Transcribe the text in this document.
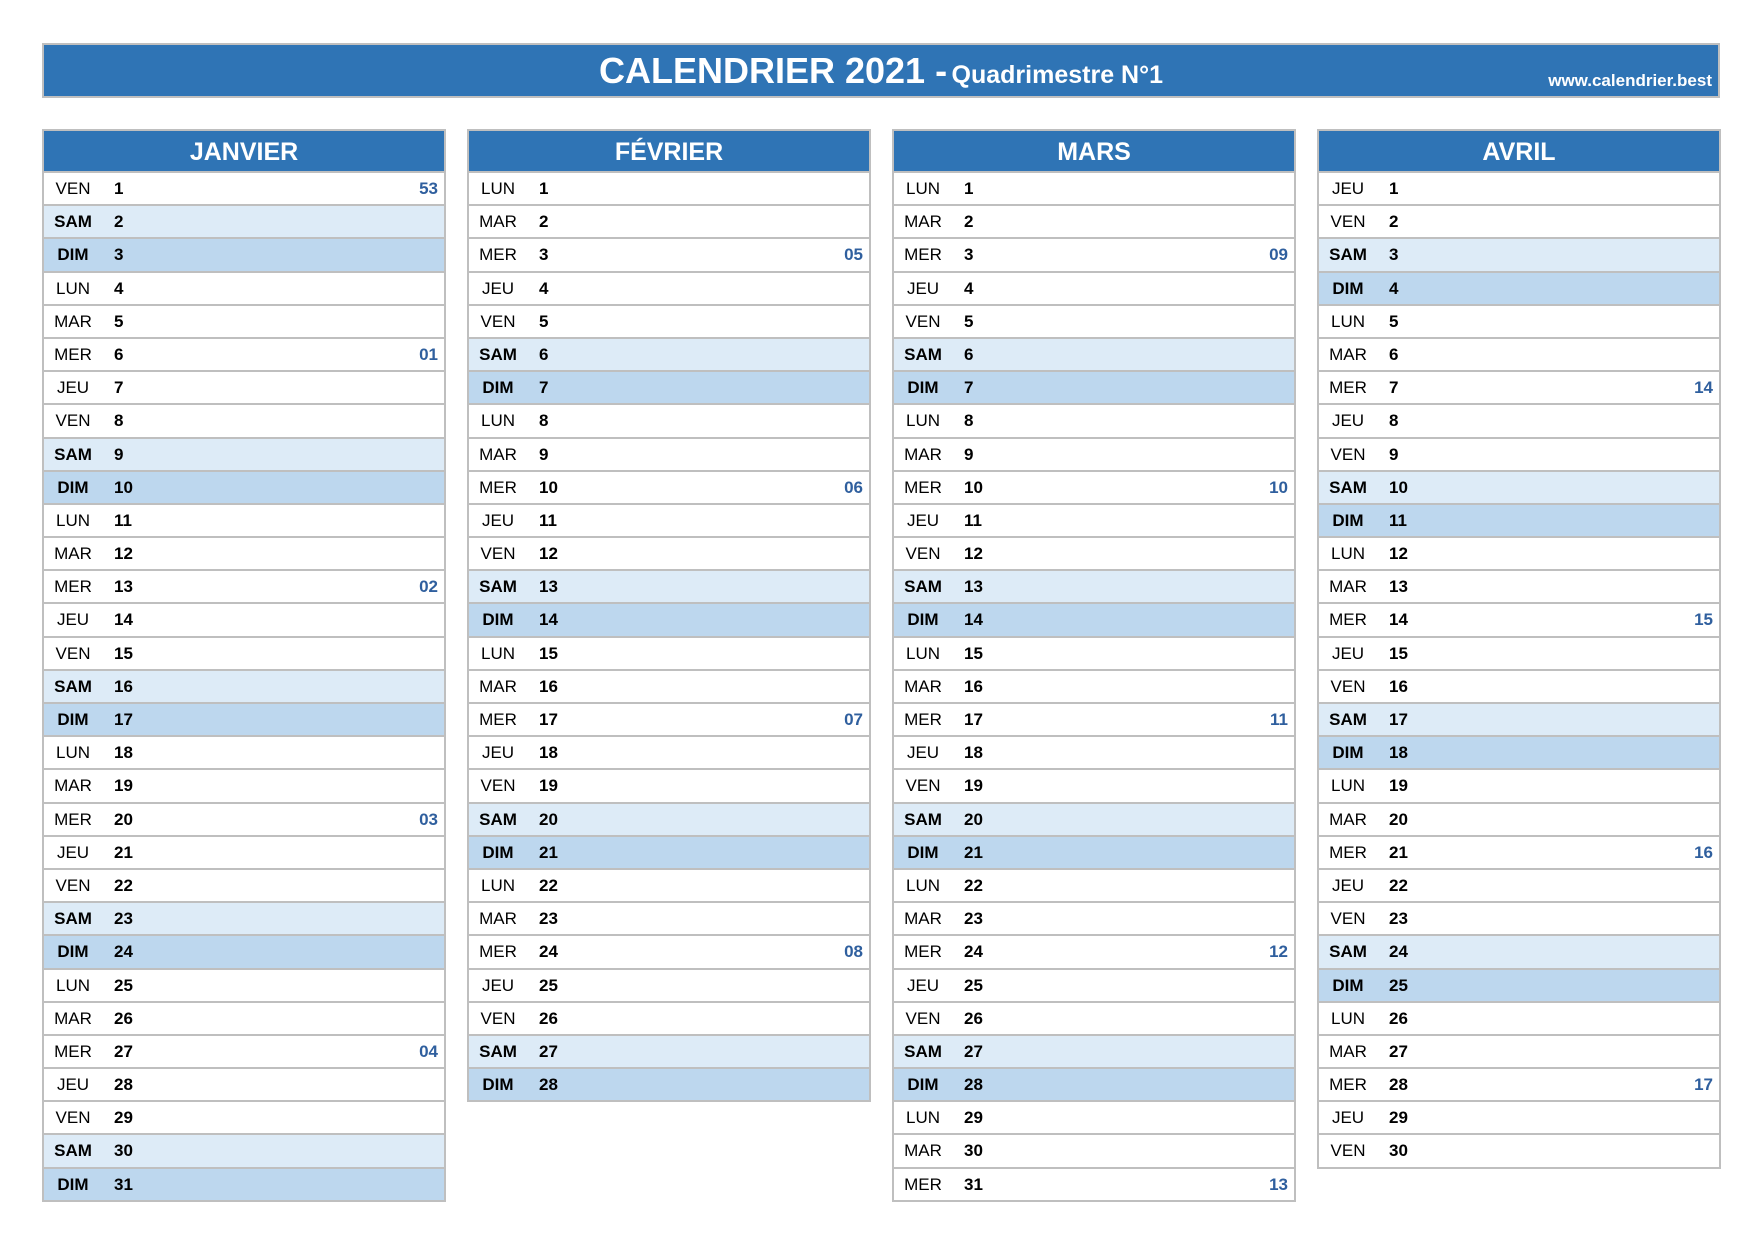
CALENDRIER 2021 - Quadrimestre N°1	www.calendrier.best
JANVIER
VEN	1	53
SAM	2
DIM	3
LUN	4
MAR	5
MER	6	01
JEU	7
VEN	8
SAM	9
DIM	10
LUN	11
MAR	12
MER	13	02
JEU	14
VEN	15
SAM	16
DIM	17
LUN	18
MAR	19
MER	20	03
JEU	21
VEN	22
SAM	23
DIM	24
LUN	25
MAR	26
MER	27	04
JEU	28
VEN	29
SAM	30
DIM	31
FÉVRIER
LUN	1
MAR	2
MER	3	05
JEU	4
VEN	5
SAM	6
DIM	7
LUN	8
MAR	9
MER	10	06
JEU	11
VEN	12
SAM	13
DIM	14
LUN	15
MAR	16
MER	17	07
JEU	18
VEN	19
SAM	20
DIM	21
LUN	22
MAR	23
MER	24	08
JEU	25
VEN	26
SAM	27
DIM	28
MARS
LUN	1
MAR	2
MER	3	09
JEU	4
VEN	5
SAM	6
DIM	7
LUN	8
MAR	9
MER	10	10
JEU	11
VEN	12
SAM	13
DIM	14
LUN	15
MAR	16
MER	17	11
JEU	18
VEN	19
SAM	20
DIM	21
LUN	22
MAR	23
MER	24	12
JEU	25
VEN	26
SAM	27
DIM	28
LUN	29
MAR	30
MER	31	13
AVRIL
JEU	1
VEN	2
SAM	3
DIM	4
LUN	5
MAR	6
MER	7	14
JEU	8
VEN	9
SAM	10
DIM	11
LUN	12
MAR	13
MER	14	15
JEU	15
VEN	16
SAM	17
DIM	18
LUN	19
MAR	20
MER	21	16
JEU	22
VEN	23
SAM	24
DIM	25
LUN	26
MAR	27
MER	28	17
JEU	29
VEN	30
